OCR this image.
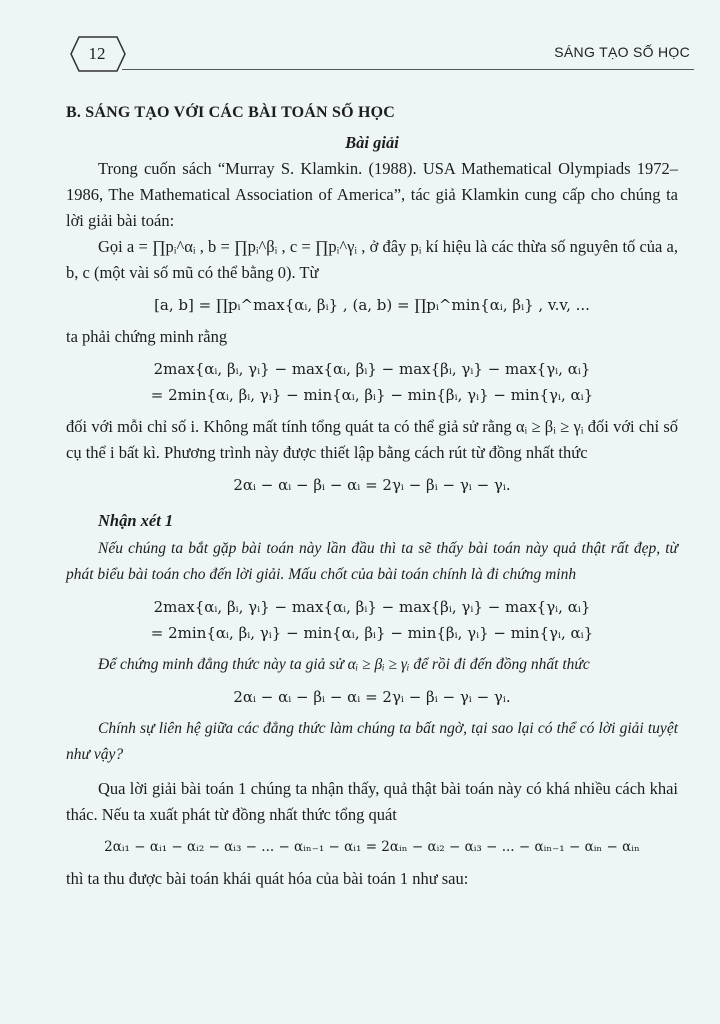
12	SÁNG TẠO SỐ HỌC
B. SÁNG TẠO VỚI CÁC BÀI TOÁN SỐ HỌC
Bài giải

Trong cuốn sách “Murray S. Klamkin. (1988). USA Mathematical Olympiads 1972–1986, The Mathematical Association of America”, tác giả Klamkin cung cấp cho chúng ta lời giải bài toán:

Gọi a = ∏pᵢ^αᵢ , b = ∏pᵢ^βᵢ , c = ∏pᵢ^γᵢ , ở đây pᵢ kí hiệu là các thừa số nguyên tố của a, b, c (một vài số mũ có thể bằng 0). Từ

[a, b] = ∏pᵢ^max{αᵢ, βᵢ} , (a, b) = ∏pᵢ^min{αᵢ, βᵢ} , v.v, ...

ta phải chứng minh rằng

2max{αᵢ, βᵢ, γᵢ} − max{αᵢ, βᵢ} − max{βᵢ, γᵢ} − max{γᵢ, αᵢ}
= 2min{αᵢ, βᵢ, γᵢ} − min{αᵢ, βᵢ} − min{βᵢ, γᵢ} − min{γᵢ, αᵢ}

đối với mỗi chỉ số i. Không mất tính tổng quát ta có thể giả sử rằng αᵢ ≥ βᵢ ≥ γᵢ đối với chỉ số cụ thể i bất kì. Phương trình này được thiết lập bằng cách rút từ đồng nhất thức

2αᵢ − αᵢ − βᵢ − αᵢ = 2γᵢ − βᵢ − γᵢ − γᵢ.
Nhận xét 1

Nếu chúng ta bắt gặp bài toán này lần đầu thì ta sẽ thấy bài toán này quả thật rất đẹp, từ phát biểu bài toán cho đến lời giải. Mấu chốt của bài toán chính là đi chứng minh

2max{αᵢ, βᵢ, γᵢ} − max{αᵢ, βᵢ} − max{βᵢ, γᵢ} − max{γᵢ, αᵢ}
= 2min{αᵢ, βᵢ, γᵢ} − min{αᵢ, βᵢ} − min{βᵢ, γᵢ} − min{γᵢ, αᵢ}

Để chứng minh đẳng thức này ta giả sử αᵢ ≥ βᵢ ≥ γᵢ để rồi đi đến đồng nhất thức

2αᵢ − αᵢ − βᵢ − αᵢ = 2γᵢ − βᵢ − γᵢ − γᵢ.

Chính sự liên hệ giữa các đẳng thức làm chúng ta bất ngờ, tại sao lại có thể có lời giải tuyệt như vậy?

Qua lời giải bài toán 1 chúng ta nhận thấy, quả thật bài toán này có khá nhiều cách khai thác. Nếu ta xuất phát từ đồng nhất thức tổng quát

2αᵢ₁ − αᵢ₁ − αᵢ₂ − αᵢ₃ − ... − αᵢₙ₋₁ − αᵢ₁ = 2αᵢₙ − αᵢ₂ − αᵢ₃ − ... − αᵢₙ₋₁ − αᵢₙ − αᵢₙ

thì ta thu được bài toán khái quát hóa của bài toán 1 như sau:
